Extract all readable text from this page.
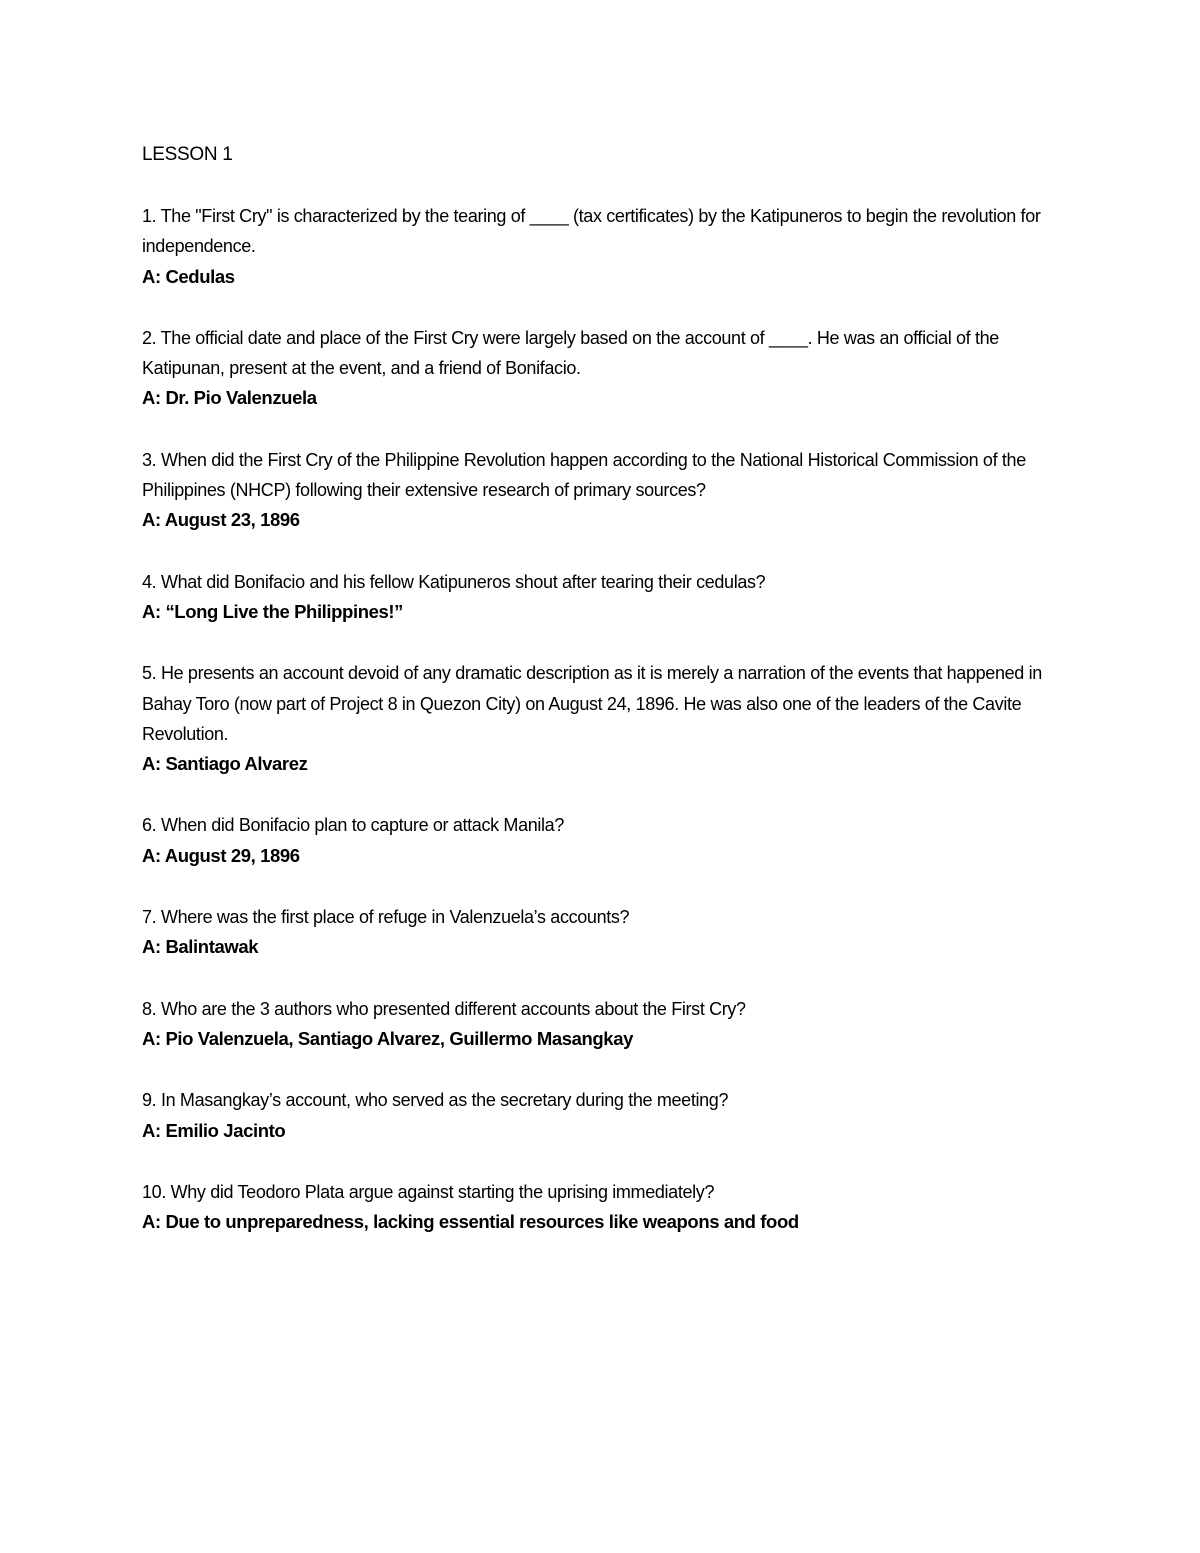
LESSON 1

1. The "First Cry" is characterized by the tearing of ____ (tax certificates) by the Katipuneros to begin the revolution for independence.

A: Cedulas

2. The official date and place of the First Cry were largely based on the account of ____. He was an official of the Katipunan, present at the event, and a friend of Bonifacio.

A: Dr. Pio Valenzuela

3. When did the First Cry of the Philippine Revolution happen according to the National Historical Commission of the Philippines (NHCP) following their extensive research of primary sources?

A: August 23, 1896

4. What did Bonifacio and his fellow Katipuneros shout after tearing their cedulas?

A: “Long Live the Philippines!”

5. He presents an account devoid of any dramatic description as it is merely a narration of the events that happened in Bahay Toro (now part of Project 8 in Quezon City) on August 24, 1896. He was also one of the leaders of the Cavite Revolution.

A: Santiago Alvarez

6. When did Bonifacio plan to capture or attack Manila?

A: August 29, 1896

7. Where was the first place of refuge in Valenzuela’s accounts?

A: Balintawak

8. Who are the 3 authors who presented different accounts about the First Cry?

A: Pio Valenzuela, Santiago Alvarez, Guillermo Masangkay

9. In Masangkay’s account, who served as the secretary during the meeting?

A: Emilio Jacinto

10. Why did Teodoro Plata argue against starting the uprising immediately?

A: Due to unpreparedness, lacking essential resources like weapons and food
